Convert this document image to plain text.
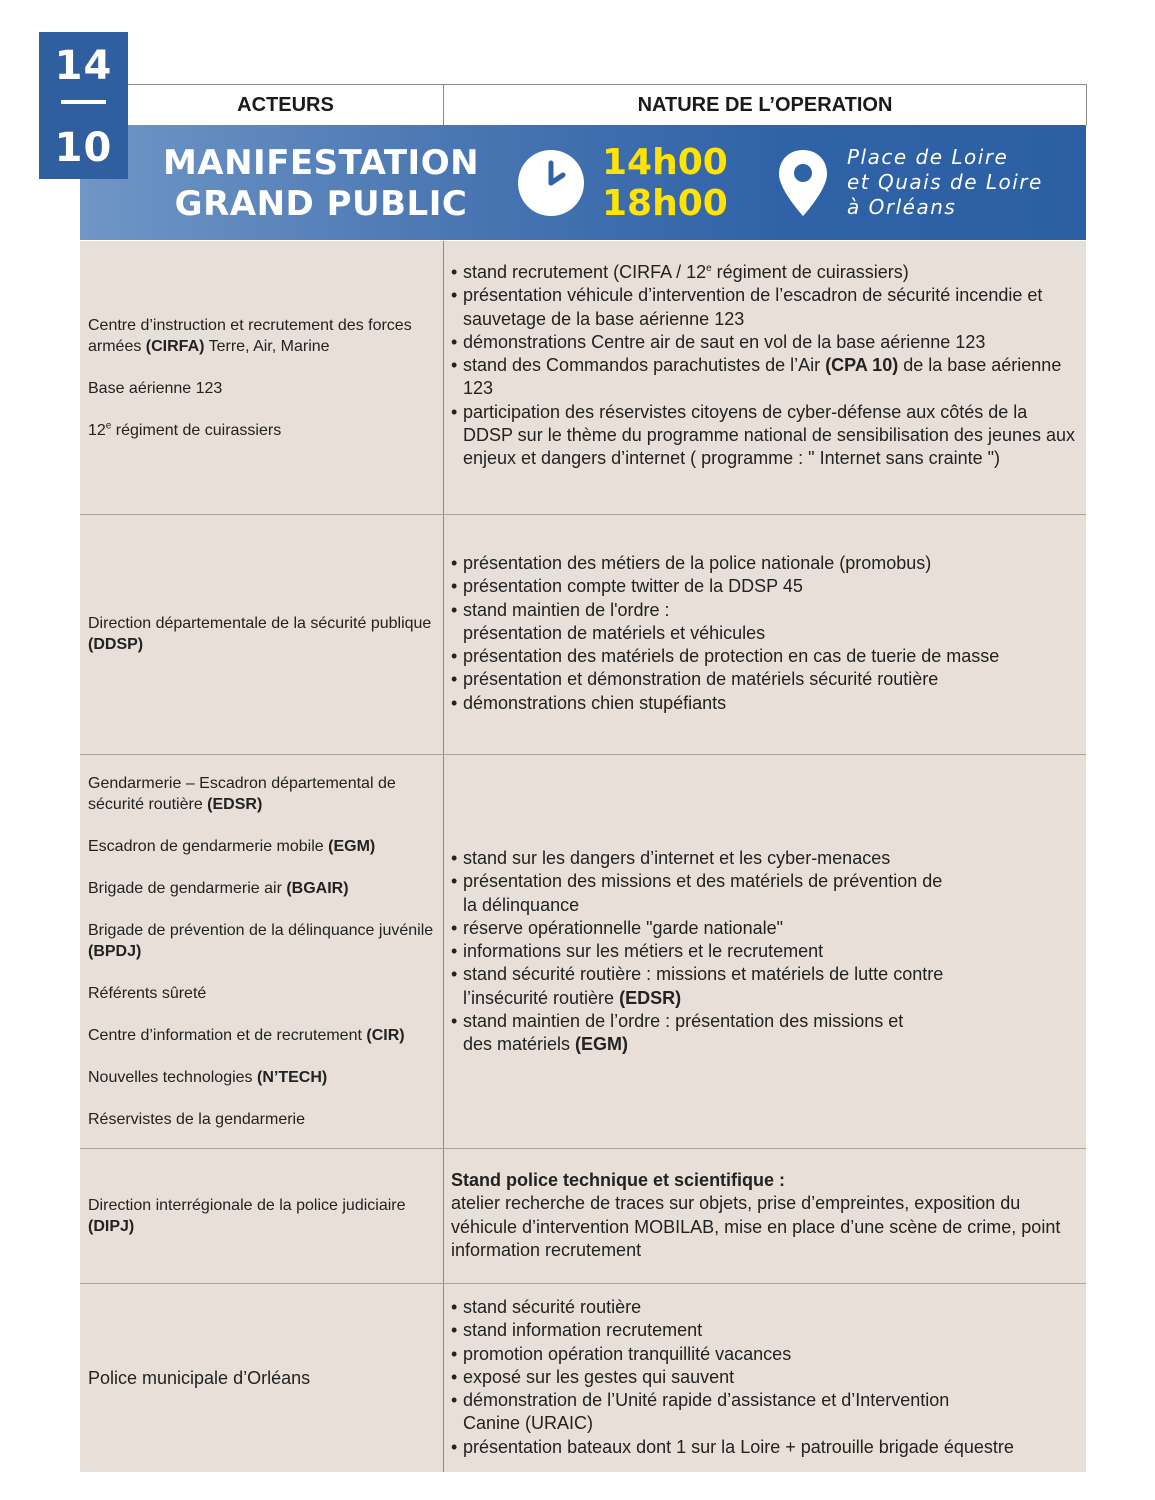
14
10
ACTEURS	NATURE DE L’OPERATION
MANIFESTATION
GRAND PUBLIC
14h00
18h00
Place de Loire
et Quais de Loire
à Orléans

Centre d’instruction et recrutement des forces armées (CIRFA) Terre, Air, Marine

Base aérienne 123

12e régiment de cuirassiers

• stand recrutement (CIRFA / 12e régiment de cuirassiers)
• présentation véhicule d’intervention de l’escadron de sécurité incendie et sauvetage de la base aérienne 123
• démonstrations Centre air de saut en vol de la base aérienne 123
• stand des Commandos parachutistes de l’Air (CPA 10) de la base aérienne 123
• participation des réservistes citoyens de cyber-défense aux côtés de la DDSP sur le thème du programme national de sensibilisation des jeunes aux enjeux et dangers d’internet ( programme : " Internet sans crainte ")

Direction départementale de la sécurité publique (DDSP)

• présentation des métiers de la police nationale (promobus)
• présentation compte twitter de la DDSP 45
• stand maintien de l'ordre :
présentation de matériels et véhicules
• présentation des matériels de protection en cas de tuerie de masse
• présentation et démonstration de matériels sécurité routière
• démonstrations chien stupéfiants

Gendarmerie – Escadron départemental de sécurité routière (EDSR)

Escadron de gendarmerie mobile (EGM)

Brigade de gendarmerie air (BGAIR)

Brigade de prévention de la délinquance juvénile (BPDJ)

Référents sûreté

Centre d’information et de recrutement (CIR)

Nouvelles technologies (N’TECH)

Réservistes de la gendarmerie

• stand sur les dangers d’internet et les cyber-menaces
• présentation des missions et des matériels de prévention de la délinquance
• réserve opérationnelle "garde nationale"
• informations sur les métiers et le recrutement
• stand sécurité routière : missions et matériels de lutte contre l’insécurité routière (EDSR)
• stand maintien de l’ordre : présentation des missions et des matériels (EGM)

Direction interrégionale de la police judiciaire (DIPJ)

Stand police technique et scientifique :
atelier recherche de traces sur objets, prise d’empreintes, exposition du véhicule d’intervention MOBILAB, mise en place d’une scène de crime, point information recrutement

Police municipale d’Orléans

• stand sécurité routière
• stand information recrutement
• promotion opération tranquillité vacances
• exposé sur les gestes qui sauvent
• démonstration de l’Unité rapide d’assistance et d’Intervention Canine (URAIC)
• présentation bateaux dont 1 sur la Loire + patrouille brigade équestre
